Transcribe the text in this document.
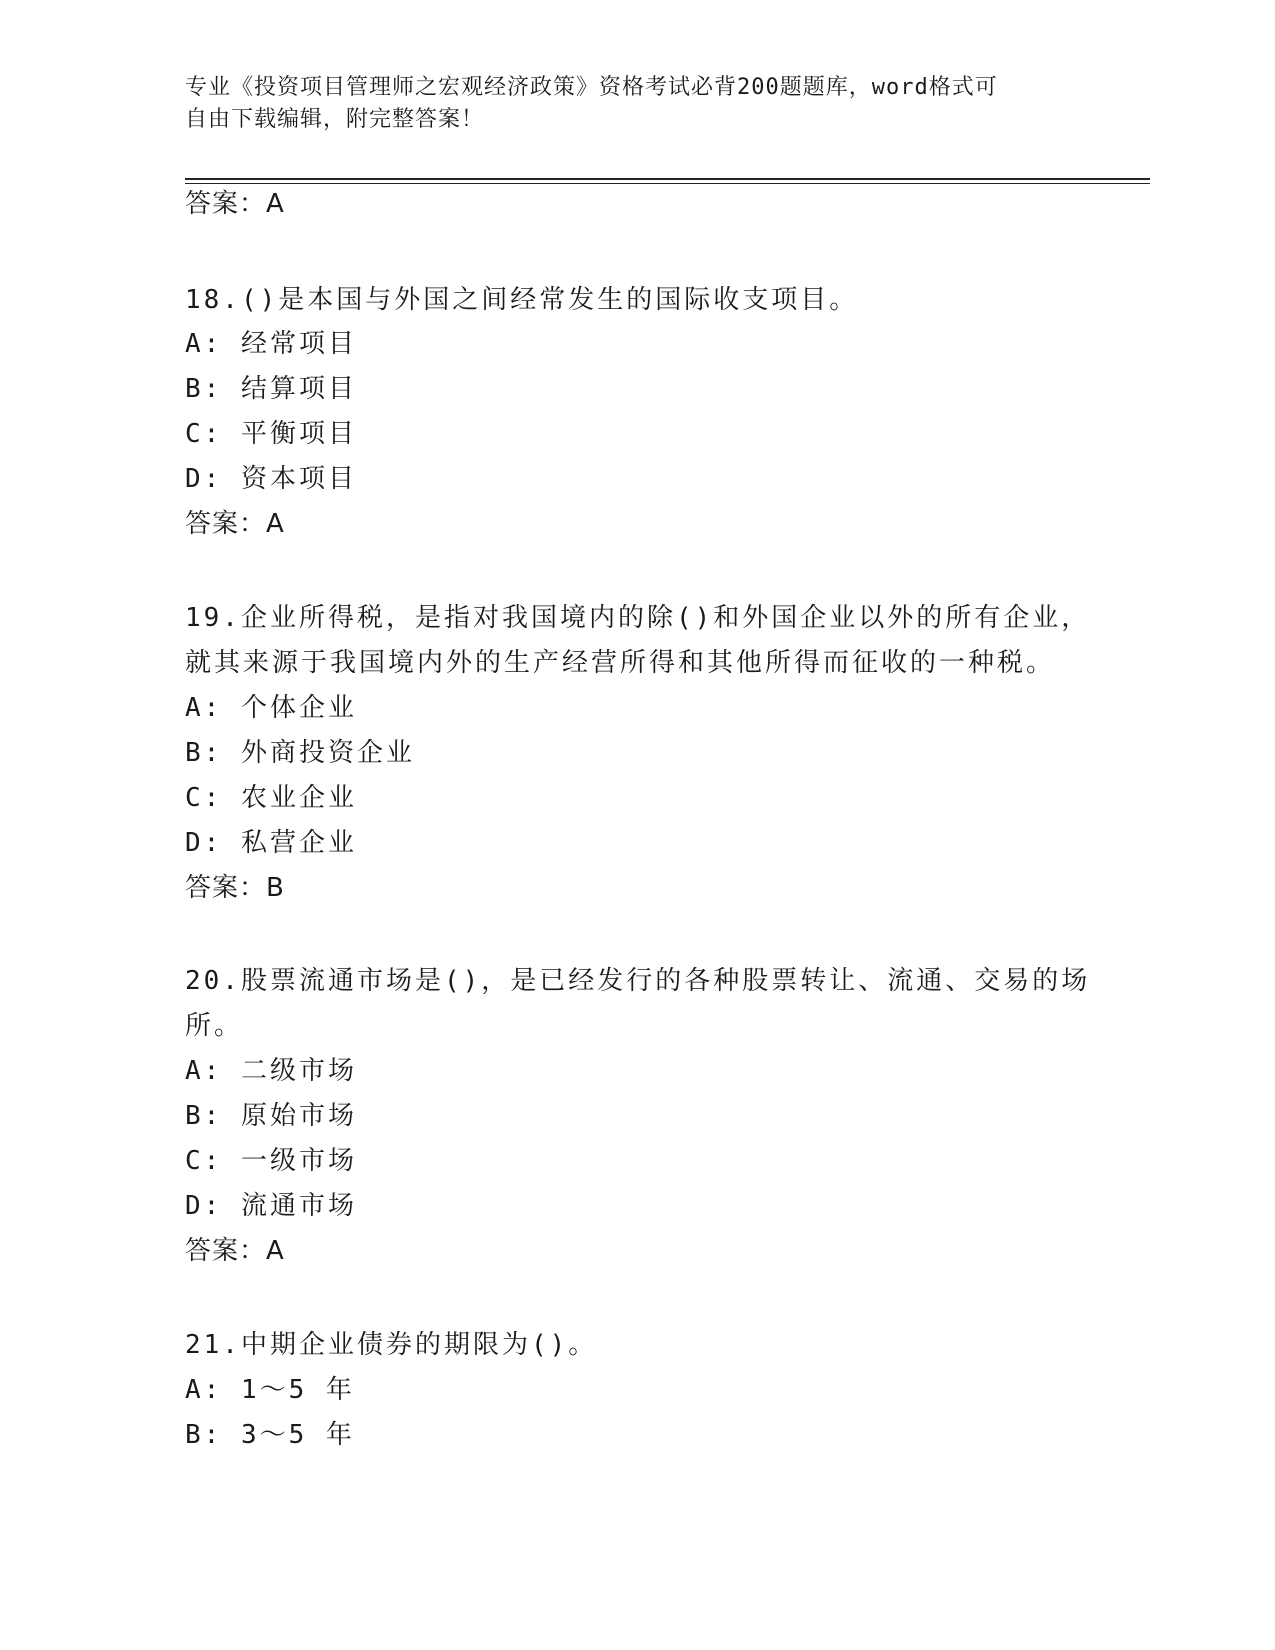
专业《投资项目管理师之宏观经济政策》资格考试必背200题题库，word格式可
自由下载编辑，附完整答案！
答案：A
18.()是本国与外国之间经常发生的国际收支项目。
A: 经常项目
B: 结算项目
C: 平衡项目
D: 资本项目
答案：A
19.企业所得税，是指对我国境内的除()和外国企业以外的所有企业，
就其来源于我国境内外的生产经营所得和其他所得而征收的一种税。
A: 个体企业
B: 外商投资企业
C: 农业企业
D: 私营企业
答案：B
20.股票流通市场是()，是已经发行的各种股票转让、流通、交易的场
所。
A: 二级市场
B: 原始市场
C: 一级市场
D: 流通市场
答案：A
21.中期企业债券的期限为()。
A: 1～5 年
B: 3～5 年
